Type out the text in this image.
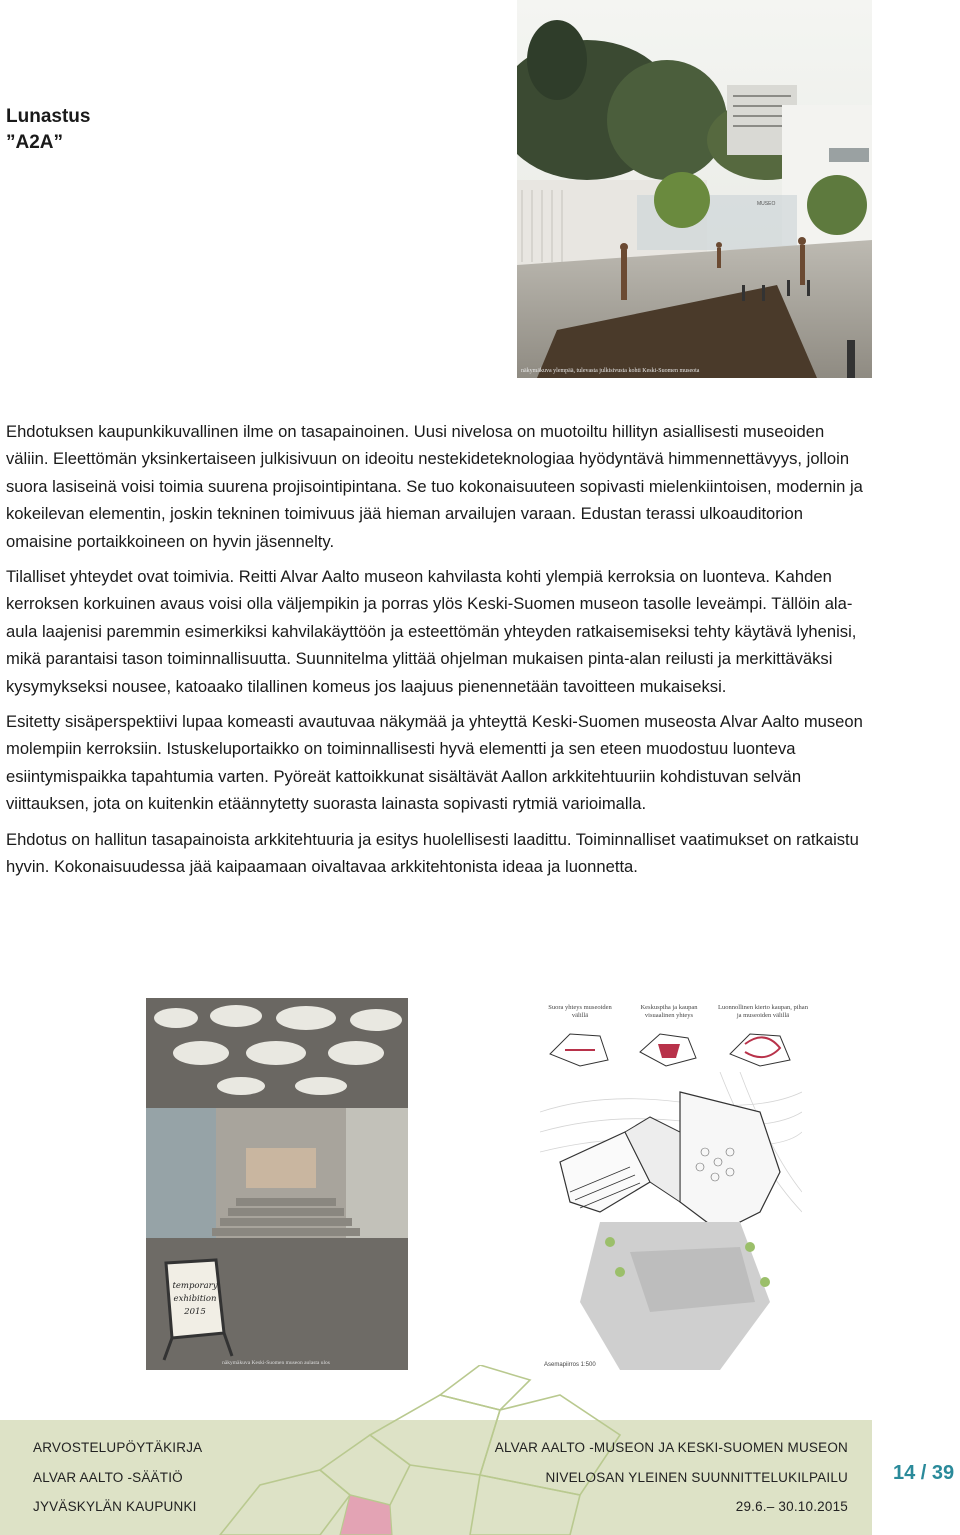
Lunastus
”A2A”
MUSEO
näkymäkuva ylempää, tulevasta julkisivusta kohti Keski-Suomen museota

Ehdotuksen kaupunkikuvallinen ilme on tasapainoinen. Uusi nivelosa on muotoiltu hillityn asiallisesti museoiden väliin. Eleettömän yksinkertaiseen julkisivuun on ideoitu nestekideteknologiaa hyödyntävä himmennettävyys, jolloin suora lasiseinä voisi toimia suurena projisointipintana. Se tuo kokonaisuuteen sopivasti mielenkiintoisen, modernin ja kokeilevan elementin, joskin tekninen toimivuus jää hieman arvailujen varaan. Edustan terassi ulkoauditorion omaisine portaikkoineen on hyvin jäsennelty.

Tilalliset yhteydet ovat toimivia. Reitti Alvar Aalto museon kahvilasta kohti ylempiä kerroksia on luonteva. Kahden kerroksen korkuinen avaus voisi olla väljempikin ja porras ylös Keski-Suomen museon tasolle leveämpi. Tällöin ala-aula laajenisi paremmin esimerkiksi kahvilakäyttöön ja esteettömän yhteyden ratkaisemiseksi tehty käytävä lyhenisi, mikä parantaisi tason toiminnallisuutta. Suunnitelma ylittää ohjelman mukaisen pinta-alan reilusti ja merkittäväksi kysymykseksi nousee, katoaako tilallinen komeus jos laajuus pienennetään tavoitteen mukaiseksi.

Esitetty sisäperspektiivi lupaa komeasti avautuvaa näkymää ja yhteyttä Keski-Suomen museosta Alvar Aalto museon molempiin kerroksiin. Istuskeluportaikko on toiminnallisesti hyvä elementti ja sen eteen muodostuu luonteva esiintymispaikka tapahtumia varten. Pyöreät kattoikkunat sisältävät Aallon arkkitehtuuriin kohdistuvan selvän viittauksen, jota on kuitenkin etäännytetty suorasta lainasta sopivasti rytmiä varioimalla.

Ehdotus on hallitun tasapainoista arkkitehtuuria ja esitys huolellisesti laadittu. Toiminnalliset vaatimukset on ratkaistu hyvin. Kokonaisuudessa jää kaipaamaan oivaltavaa arkkitehtonista ideaa ja luonnetta.

temporary
exhibition
2015
näkymäkuva Keski-Suomen museon aulasta ulos
Suora yhteys museoiden välillä
Keskuspiha ja kaupan visuaalinen yhteys
Luonnollinen kierto kaupan, pihan ja museoiden välillä
Asemapiirros 1:500
ARVOSTELUPÖYTÄKIRJA
ALVAR AALTO -SÄÄTIÖ
JYVÄSKYLÄN KAUPUNKI
ALVAR AALTO -MUSEON JA KESKI-SUOMEN MUSEON
NIVELOSAN YLEINEN SUUNNITTELUKILPAILU
29.6.– 30.10.2015
14 / 39
